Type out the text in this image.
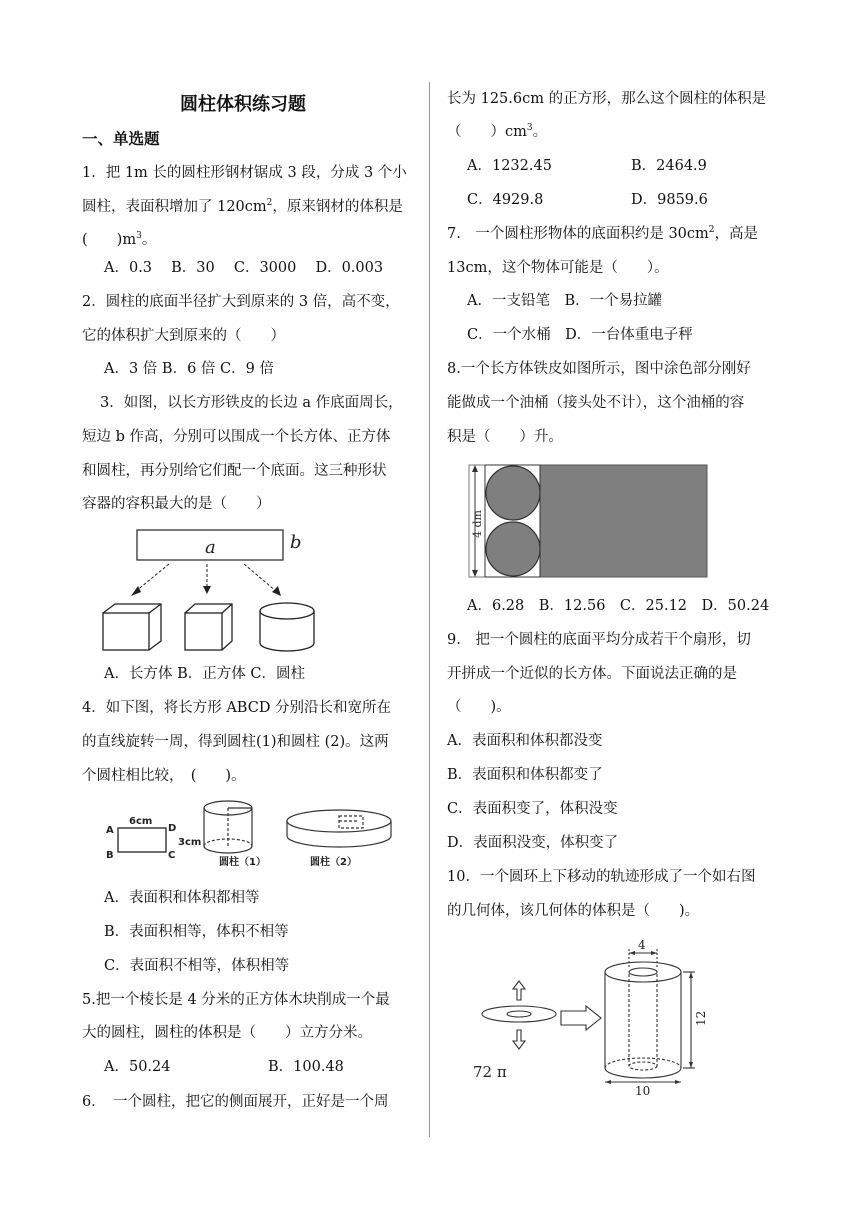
圆柱体积练习题
一、单选题
1．把 1m 长的圆柱形钢材锯成 3 段，分成 3 个小
圆柱，表面积增加了 $120cm^2$，原来钢材的体积是
(　　)$m^3$。
A．0.3　 B．30　 C．3000　 D．0.003
2．圆柱的底面半径扩大到原来的 3 倍，高不变，
它的体积扩大到原来的（　　）
A．3 倍 B．6 倍 C．9 倍
3．如图，以长方形铁皮的长边 a 作底面周长，
短边 b 作高，分别可以围成一个长方体、正方体
和圆柱，再分别给它们配一个底面。这三种形状
容器的容积最大的是（　　）
a	b
A．长方体 B．正方体 C．圆柱
4．如下图，将长方形 ABCD 分别沿长和宽所在
的直线旋转一周，得到圆柱(1)和圆柱 (2)。这两
个圆柱相比较，　(　　)。
A
B
D
C
6cm
3cm
圆柱（1）	圆柱（2）
A．表面积和体积都相等
B．表面积相等，体积不相等
C．表面积不相等，体积相等
5.把一个棱长是 4 分米的正方体木块削成一个最
大的圆柱，圆柱的体积是（　　）立方分米。
A．50.24	B．100.48
6．　一个圆柱，把它的侧面展开，正好是一个周
长为 125.6cm 的正方形，那么这个圆柱的体积是
（　　）$cm^3$。
A．1232.45	B．2464.9
C．4929.8	D．9859.6
7.　一个圆柱形物体的底面积约是 $30cm^2$，高是
13cm，这个物体可能是（　　）。
A．一支铅笔　B．一个易拉罐
C．一个水桶　D．一台体重电子秤
8.一个长方体铁皮如图所示，图中涂色部分刚好
能做成一个油桶（接头处不计），这个油桶的容
积是（　　）升。
4 dm
A．6.28　B．12.56　C．25.12　D．50.24
9.　把一个圆柱的底面平均分成若干个扇形，切
开拼成一个近似的长方体。下面说法正确的是
（　　)。
A．表面积和体积都没变
B．表面积和体积都变了
C．表面积变了，体积没变
D．表面积没变，体积变了
10．一个圆环上下移动的轨迹形成了一个如右图
的几何体，该几何体的体积是（　　)。
4
12
10
72 π
